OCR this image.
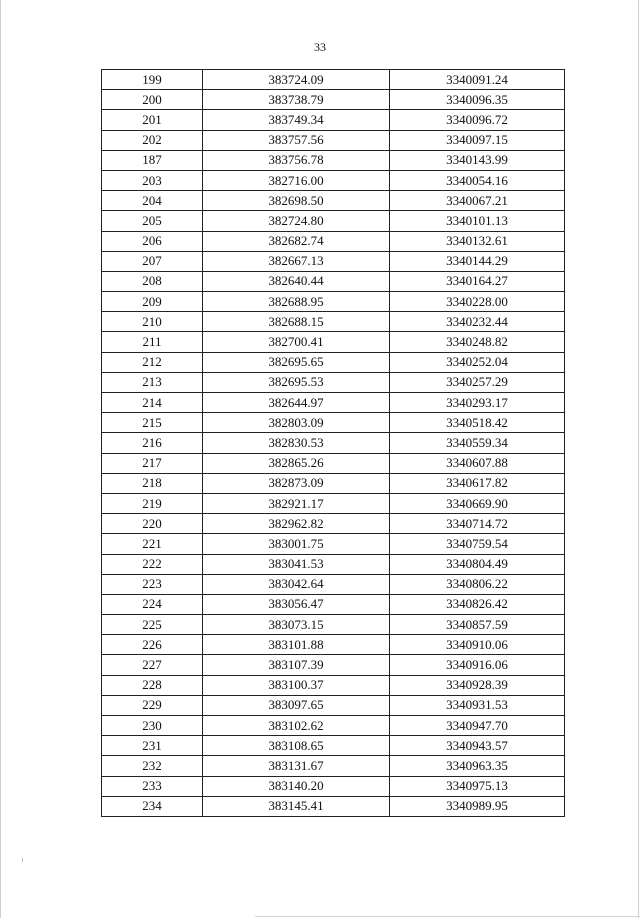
33
199	383724.09	3340091.24
200	383738.79	3340096.35
201	383749.34	3340096.72
202	383757.56	3340097.15
187	383756.78	3340143.99
203	382716.00	3340054.16
204	382698.50	3340067.21
205	382724.80	3340101.13
206	382682.74	3340132.61
207	382667.13	3340144.29
208	382640.44	3340164.27
209	382688.95	3340228.00
210	382688.15	3340232.44
211	382700.41	3340248.82
212	382695.65	3340252.04
213	382695.53	3340257.29
214	382644.97	3340293.17
215	382803.09	3340518.42
216	382830.53	3340559.34
217	382865.26	3340607.88
218	382873.09	3340617.82
219	382921.17	3340669.90
220	382962.82	3340714.72
221	383001.75	3340759.54
222	383041.53	3340804.49
223	383042.64	3340806.22
224	383056.47	3340826.42
225	383073.15	3340857.59
226	383101.88	3340910.06
227	383107.39	3340916.06
228	383100.37	3340928.39
229	383097.65	3340931.53
230	383102.62	3340947.70
231	383108.65	3340943.57
232	383131.67	3340963.35
233	383140.20	3340975.13
234	383145.41	3340989.95
